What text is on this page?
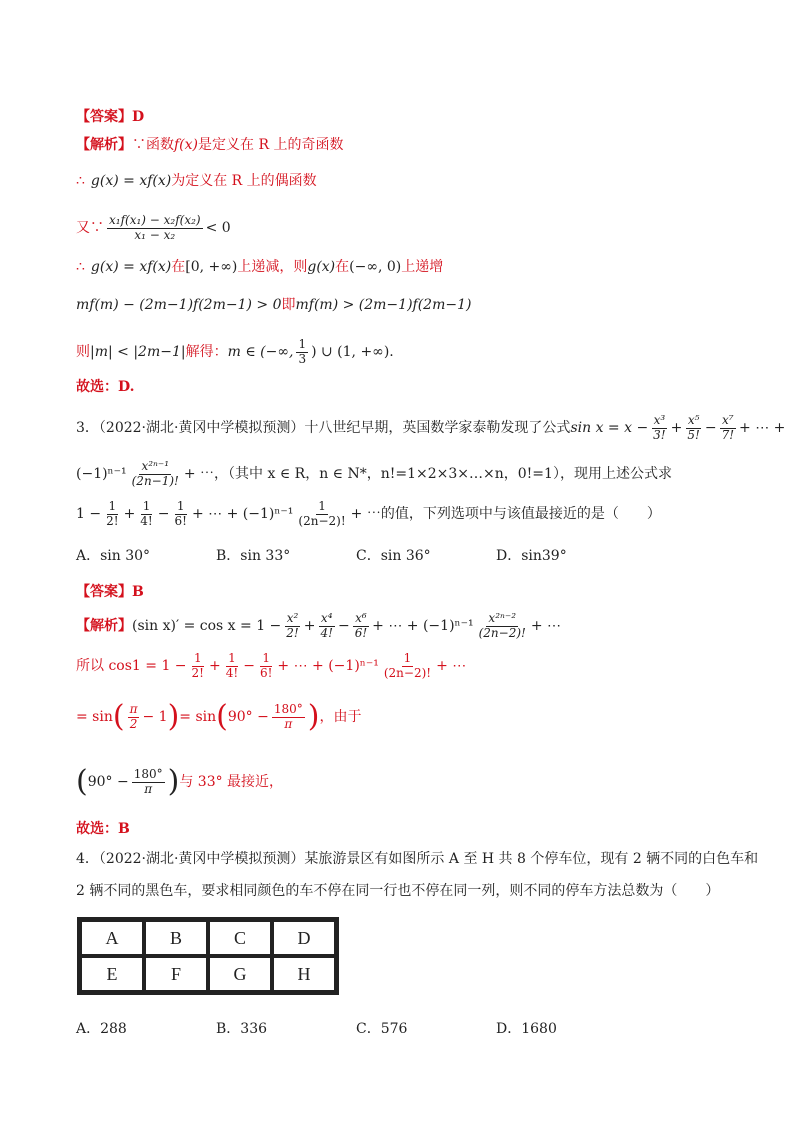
【答案】 D
【解析】 ∵函数 f(x) 是定义在 R 上的奇函数
∴ g(x) = xf(x) 为定义在 R 上的偶函数
又∵ $\frac{\text{x₁f(x₁) − x₂f(x₂)}}{\text{x₁ − x₂}} < 0$
∴ g(x) = xf(x) 在 [0, +∞) 上递减，则 g(x) 在 (−∞, 0) 上递增
mf(m) − (2m−1)f(2m−1) > 0 即 mf(m) > (2m−1)f(2m−1)
则 |m| < |2m−1| 解得： m ∈ (−∞, $\frac{1}{3}$ ) ∪ (1, +∞) .
故选：D.
3．（2022·湖北·黄冈中学模拟预测）十八世纪早期，英国数学家泰勒发现了公式 $\sin x = x - \frac{\text{x³}}{3!} + \frac{\text{x⁵}}{5!} - \frac{\text{x⁷}}{7!}$ + ⋯ +
$(-1)^{n-1} \frac{\text{x²ⁿ⁻¹}}{(2n-1)!}$ + ⋯，（其中 x ∈ R，n ∈ N*，n!=1×2×3×…×n，0!=1），现用上述公式求
$1 - \frac{1}{2!} + \frac{1}{4!} - \frac{1}{6!}$ + ⋯ + $(-1)^{n-1} \frac{1}{(2n-2)!}$ + ⋯的值，下列选项中与该值最接近的是（　　）
A．sin 30°	B．sin 33°	C．sin 36°	D．sin39°
【答案】 B
【解析】 (sin $x)' = \cos x = 1 - \frac{\text{x²}}{2!} + \frac{\text{x⁴}}{4!} - \frac{\text{x⁶}}{6!}$ + ⋯ + $(-1)^{n-1} \frac{\text{x²ⁿ⁻²}}{(2n-2)!}$ + ⋯
所以 $\cos 1 = 1 - \frac{1}{2!} + \frac{1}{4!} - \frac{1}{6!}$ + ⋯ + $(-1)^{n-1} \frac{1}{(2n-2)!}$ + ⋯
= sin ( $\frac{\pi}{2} - 1$ ) = sin ( $90^\circ - \frac{180^\circ}{\pi}$ ) ，由于
( $90^\circ - \frac{180^\circ}{\pi}$ ) 与 33° 最接近，
故选：B
4．（2022·湖北·黄冈中学模拟预测）某旅游景区有如图所示 A 至 H 共 8 个停车位，现有 2 辆不同的白色车和
2 辆不同的黑色车，要求相同颜色的车不停在同一行也不停在同一列，则不同的停车方法总数为（　　）
A	B	C	D
E	F	G	H
A．288	B．336	C．576	D．1680
